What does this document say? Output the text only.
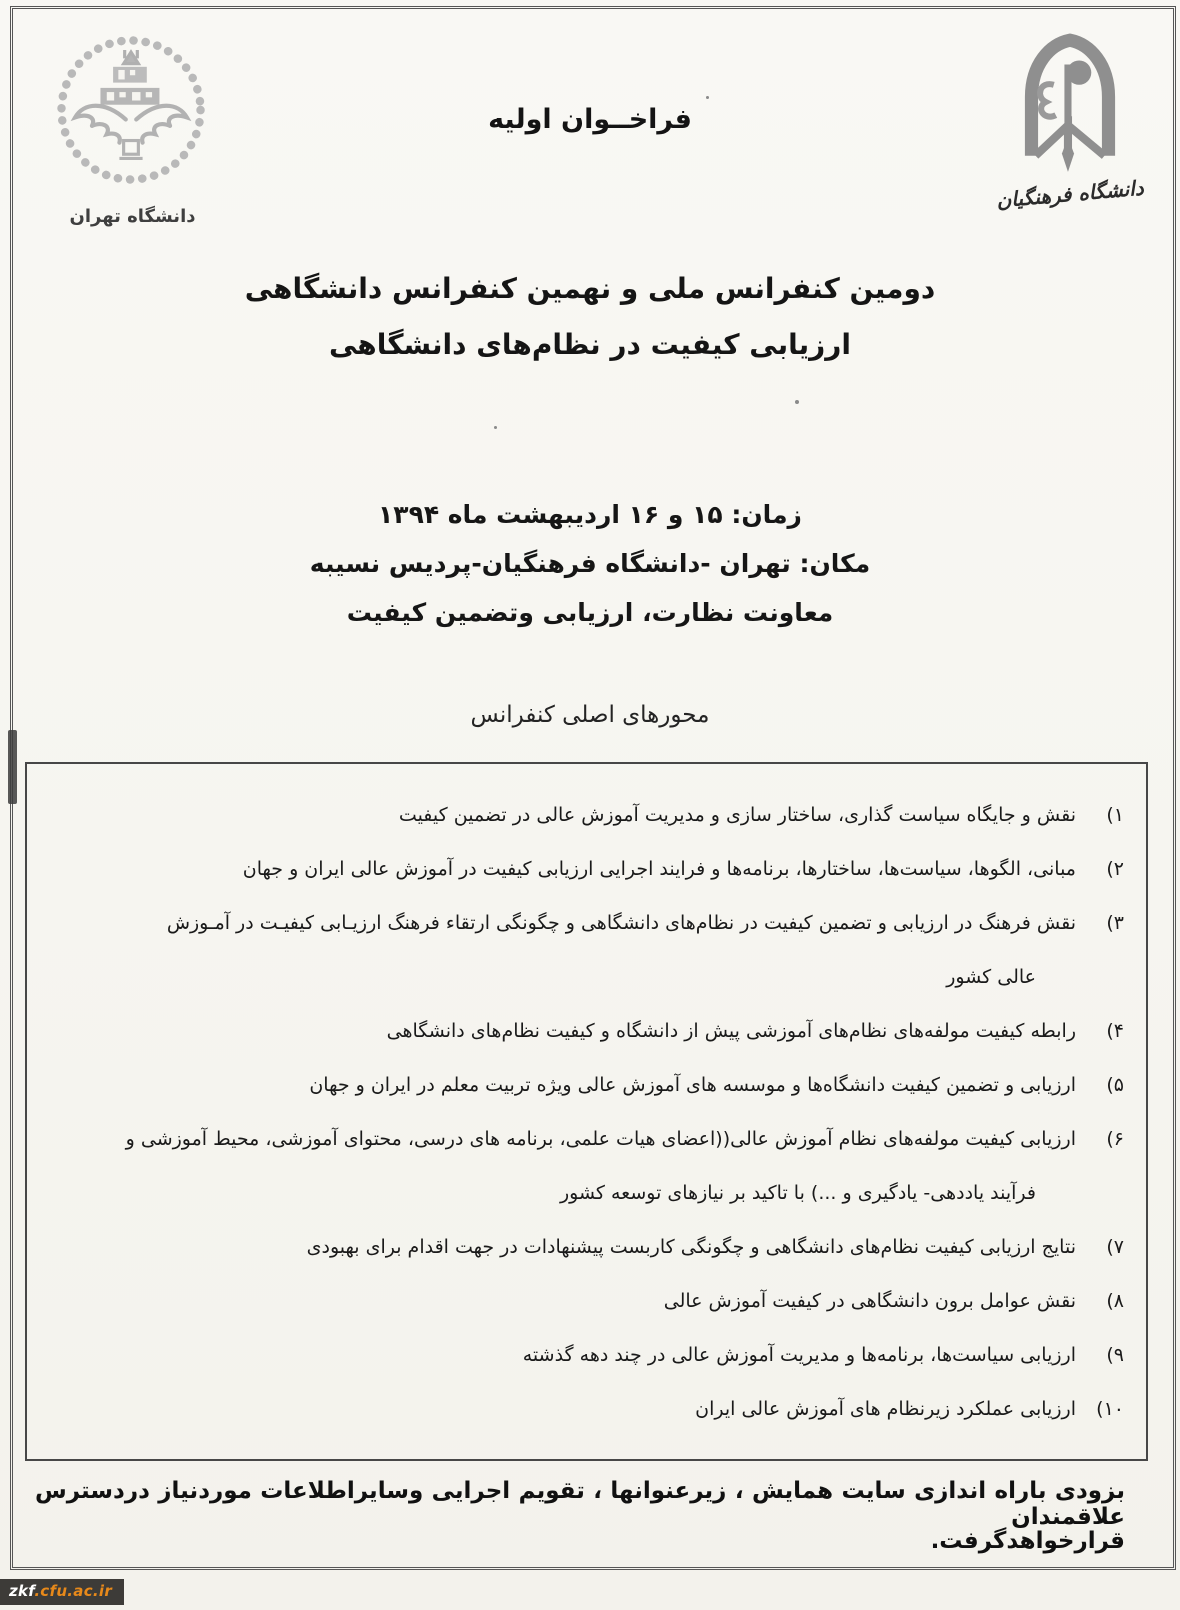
دانشگاه تهران
فراخــوان اولیه
دانشگاه فرهنگیان
دومین کنفرانس ملی و نهمین کنفرانس دانشگاهی
ارزیابی کیفیت در نظام‌های دانشگاهی
زمان: ۱۵ و ۱۶ اردیبهشت ماه ۱۳۹۴
مکان: تهران -دانشگاه فرهنگیان-پردیس نسیبه
معاونت نظارت، ارزیابی وتضمین کیفیت
محورهای اصلی کنفرانس
۱)
نقش و جایگاه سیاست گذاری، ساختار سازی و مدیریت آموزش عالی در تضمین کیفیت
۲)
مبانی، الگوها، سیاست‌ها، ساختارها، برنامه‌ها و فرایند اجرایی ارزیابی کیفیت در آموزش عالی ایران و جهان
۳)
نقش فرهنگ در ارزیابی و تضمین کیفیت در نظام‌های دانشگاهی و چگونگی ارتقاء فرهنگ ارزیـابی کیفیـت در آمـوزش
عالی کشور
۴)
رابطه کیفیت مولفه‌های نظام‌های آموزشی پیش از دانشگاه و کیفیت نظام‌های دانشگاهی
۵)
ارزیابی و تضمین کیفیت دانشگاه‌ها و موسسه های آموزش عالی ویژه تربیت معلم در ایران و جهان
۶)
ارزیابی کیفیت مولفه‌های نظام آموزش عالی((اعضای هیات علمی، برنامه های درسی، محتوای آموزشی، محیط آموزشی و
فرآیند یاددهی- یادگیری و ...) با تاکید بر نیازهای توسعه کشور
۷)
نتایج ارزیابی کیفیت نظام‌های دانشگاهی و چگونگی کاربست پیشنهادات در جهت اقدام برای بهبودی
۸)
نقش عوامل برون دانشگاهی در کیفیت آموزش عالی
۹)
ارزیابی سیاست‌ها، برنامه‌ها و مدیریت آموزش عالی در چند دهه گذشته
۱۰)
ارزیابی عملکرد زیرنظام های آموزش عالی ایران
بزودی باراه اندازی سایت همایش ، زیرعنوانها ، تقویم اجرایی وسایراطلاعات موردنیاز دردسترس علاقمندان
قرارخواهدگرفت.
zkf.cfu.ac.ir
